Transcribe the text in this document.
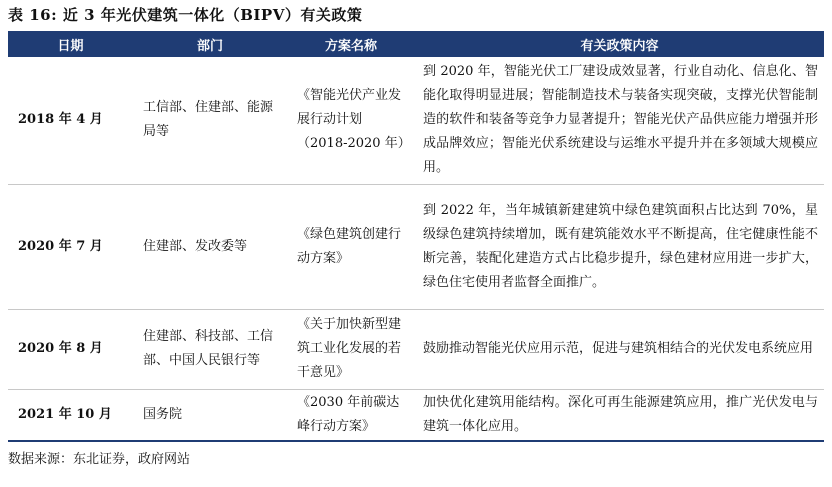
表 16: 近 3 年光伏建筑一体化（BIPV）有关政策
日期	部门	方案名称	有关政策内容
2018 年 4 月	工信部、住建部、能源局等	《智能光伏产业发展行动计划（2018-2020 年）	到 2020 年，智能光伏工厂建设成效显著，行业自动化、信息化、智能化取得明显进展；智能制造技术与装备实现突破，支撑光伏智能制造的软件和装备等竞争力显著提升；智能光伏产品供应能力增强并形成品牌效应；智能光伏系统建设与运维水平提升并在多领域大规模应用。
2020 年 7 月	住建部、发改委等	《绿色建筑创建行动方案》	到 2022 年，当年城镇新建建筑中绿色建筑面积占比达到 70%，星级绿色建筑持续增加，既有建筑能效水平不断提高，住宅健康性能不断完善，装配化建造方式占比稳步提升，绿色建材应用进一步扩大，绿色住宅使用者监督全面推广。
2020 年 8 月	住建部、科技部、工信部、中国人民银行等	《关于加快新型建筑工业化发展的若干意见》	鼓励推动智能光伏应用示范，促进与建筑相结合的光伏发电系统应用
2021 年 10 月	国务院	《2030 年前碳达峰行动方案》	加快优化建筑用能结构。深化可再生能源建筑应用，推广光伏发电与建筑一体化应用。
数据来源：东北证券，政府网站
